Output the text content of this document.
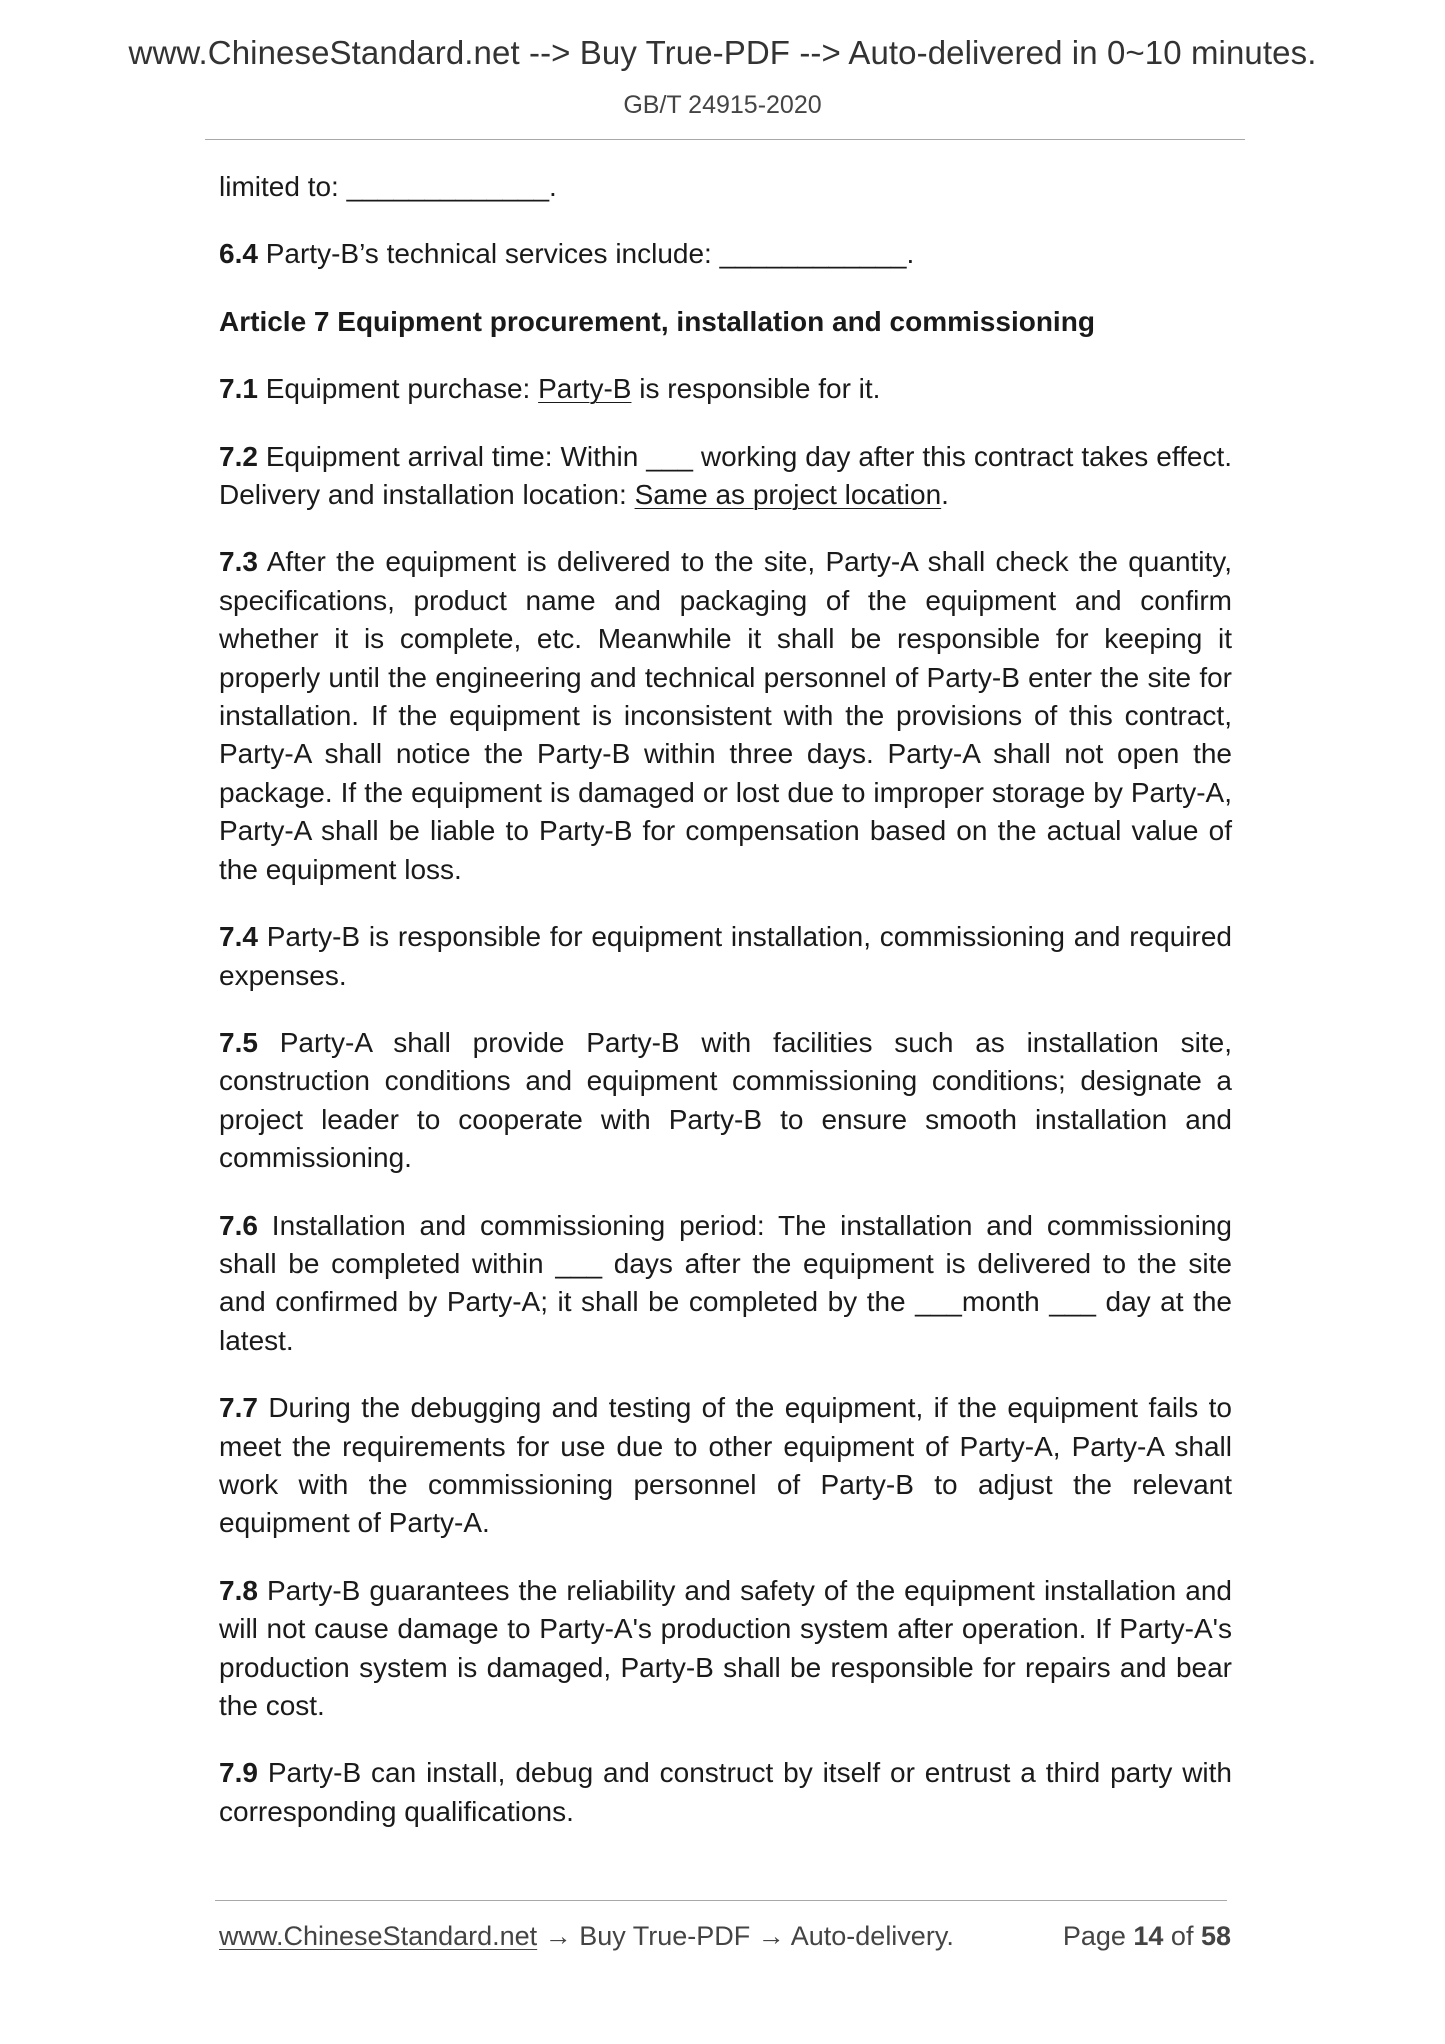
www.ChineseStandard.net --> Buy True-PDF --> Auto-delivered in 0~10 minutes.
GB/T 24915-2020

limited to: _____________.

6.4 Party-B’s technical services include: ____________.

Article 7 Equipment procurement, installation and commissioning

7.1 Equipment purchase: Party-B is responsible for it.

7.2 Equipment arrival time: Within ___ working day after this contract takes effect. Delivery and installation location: Same as project location.

7.3 After the equipment is delivered to the site, Party-A shall check the quantity, specifications, product name and packaging of the equipment and confirm whether it is complete, etc. Meanwhile it shall be responsible for keeping it properly until the engineering and technical personnel of Party-B enter the site for installation. If the equipment is inconsistent with the provisions of this contract, Party-A shall notice the Party-B within three days. Party-A shall not open the package. If the equipment is damaged or lost due to improper storage by Party-A, Party-A shall be liable to Party-B for compensation based on the actual value of the equipment loss.

7.4 Party-B is responsible for equipment installation, commissioning and required expenses.

7.5 Party-A shall provide Party-B with facilities such as installation site, construction conditions and equipment commissioning conditions; designate a project leader to cooperate with Party-B to ensure smooth installation and commissioning.

7.6 Installation and commissioning period: The installation and commissioning shall be completed within ___ days after the equipment is delivered to the site and confirmed by Party-A; it shall be completed by the ___month ___ day at the latest.

7.7 During the debugging and testing of the equipment, if the equipment fails to meet the requirements for use due to other equipment of Party-A, Party-A shall work with the commissioning personnel of Party-B to adjust the relevant equipment of Party-A.

7.8 Party-B guarantees the reliability and safety of the equipment installation and will not cause damage to Party-A's production system after operation. If Party-A's production system is damaged, Party-B shall be responsible for repairs and bear the cost.

7.9 Party-B can install, debug and construct by itself or entrust a third party with corresponding qualifications.

www.ChineseStandard.net → Buy True-PDF → Auto-delivery.	Page 14 of 58
